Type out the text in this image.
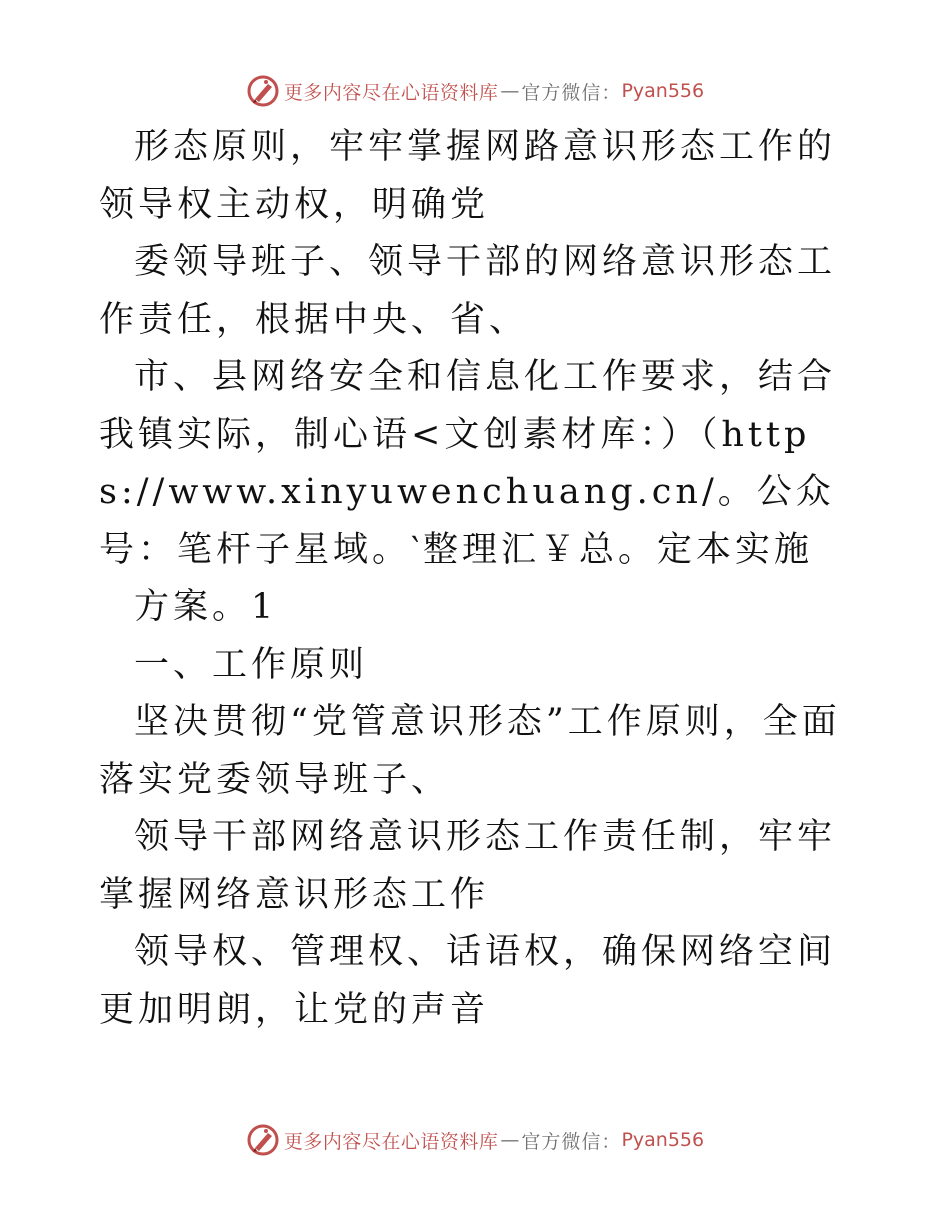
更多内容尽在心语资料库 — 官方微信： Pyan556

形态原则，牢牢掌握网路意识形态工作的领导权主动权，明确党

委领导班子、领导干部的网络意识形态工作责任，根据中央、省、

市、县网络安全和信息化工作要求，结合我镇实际，制心语<文创素材库：）（https://www.xinyuwenchuang.cn/。公众号：笔杆子星域。‵整理汇￥总。定本实施

方案。1

一、工作原则

坚决贯彻“党管意识形态”工作原则，全面落实党委领导班子、

领导干部网络意识形态工作责任制，牢牢掌握网络意识形态工作

领导权、管理权、话语权，确保网络空间更加明朗，让党的声音

更多内容尽在心语资料库 — 官方微信： Pyan556
